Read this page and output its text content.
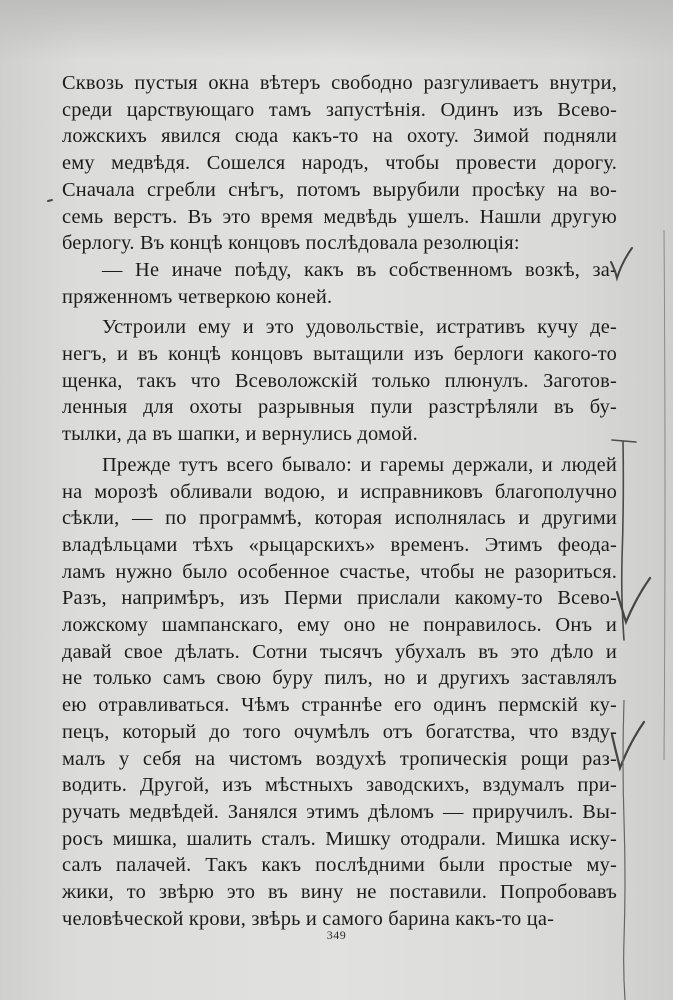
Сквозь пустыя окна вѣтеръ свободно разгуливаетъ внутри,
среди царствующаго тамъ запустѣнія. Одинъ изъ Всево-
ложскихъ явился сюда какъ-то на охоту. Зимой подняли
ему медвѣдя. Сошелся народъ, чтобы провести дорогу.
Сначала сгребли снѣгъ, потомъ вырубили просѣку на во-
семь верстъ. Въ это время медвѣдь ушелъ. Нашли другую
берлогу. Въ концѣ концовъ послѣдовала резолюція:
— Не иначе поѣду, какъ въ собственномъ возкѣ, за-
пряженномъ четверкою коней.
Устроили ему и это удовольствіе, истративъ кучу де-
негъ, и въ концѣ концовъ вытащили изъ берлоги какого-то
щенка, такъ что Всеволожскій только плюнулъ. Заготов-
ленныя для охоты разрывныя пули разстрѣляли въ бу-
тылки, да въ шапки, и вернулись домой.
Прежде тутъ всего бывало: и гаремы держали, и людей
на морозѣ обливали водою, и исправниковъ благополучно
сѣкли, — по программѣ, которая исполнялась и другими
владѣльцами тѣхъ «рыцарскихъ» временъ. Этимъ феода-
ламъ нужно было особенное счастье, чтобы не разориться.
Разъ, напримѣръ, изъ Перми прислали какому-то Всево-
ложскому шампанскаго, ему оно не понравилось. Онъ и
давай свое дѣлать. Сотни тысячъ убухалъ въ это дѣло и
не только самъ свою буру пилъ, но и другихъ заставлялъ
ею отравливаться. Чѣмъ страннѣе его одинъ пермскій ку-
пецъ, который до того очумѣлъ отъ богатства, что взду-
малъ у себя на чистомъ воздухѣ тропическія рощи раз-
водить. Другой, изъ мѣстныхъ заводскихъ, вздумалъ при-
ручать медвѣдей. Занялся этимъ дѣломъ — приручилъ. Вы-
росъ мишка, шалить сталъ. Мишку отодрали. Мишка иску-
салъ палачей. Такъ какъ послѣдними были простые му-
жики, то звѣрю это въ вину не поставили. Попробовавъ
человѣческой крови, звѣрь и самого барина какъ-то ца-
349
